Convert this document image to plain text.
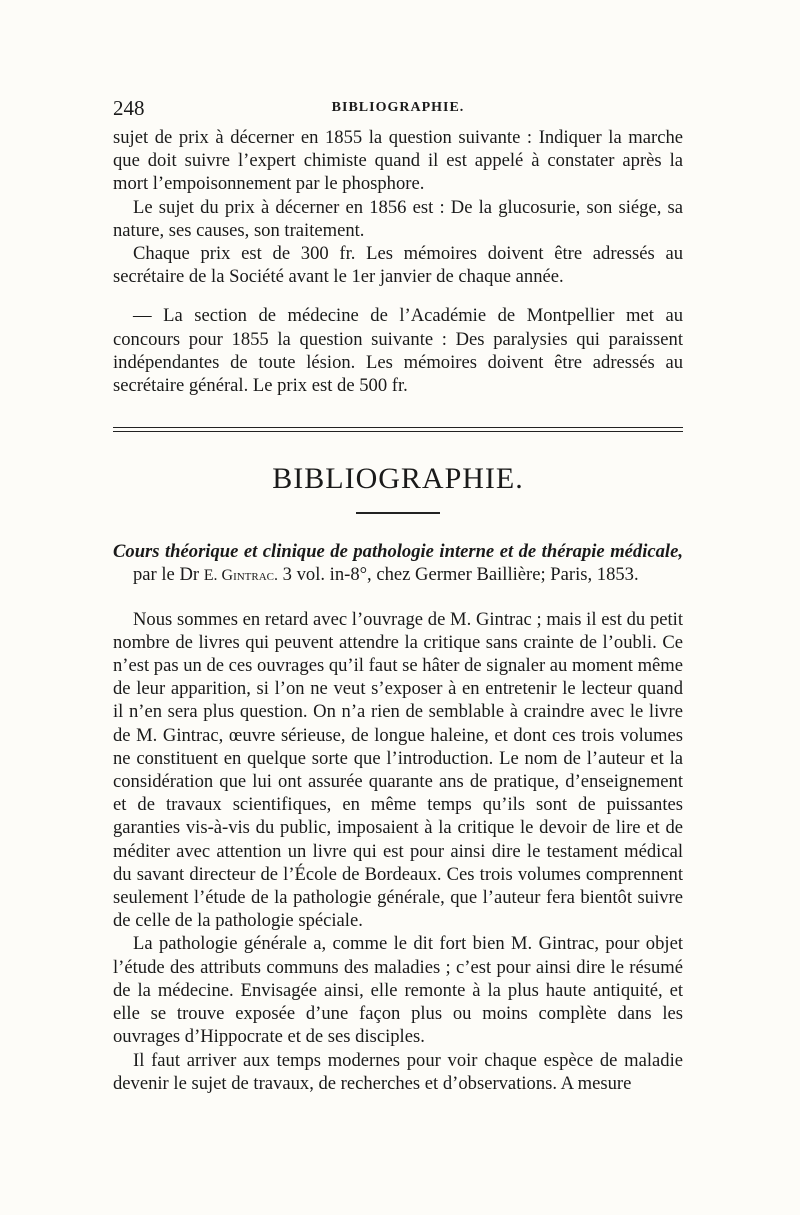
248	BIBLIOGRAPHIE.

sujet de prix à décerner en 1855 la question suivante : Indiquer la marche que doit suivre l’expert chimiste quand il est appelé à constater après la mort l’empoisonnement par le phosphore.

Le sujet du prix à décerner en 1856 est : De la glucosurie, son siége, sa nature, ses causes, son traitement.

Chaque prix est de 300 fr. Les mémoires doivent être adressés au secrétaire de la Société avant le 1er janvier de chaque année.

— La section de médecine de l’Académie de Montpellier met au concours pour 1855 la question suivante : Des paralysies qui paraissent indépendantes de toute lésion. Les mémoires doivent être adressés au secrétaire général. Le prix est de 500 fr.

BIBLIOGRAPHIE.
Cours théorique et clinique de pathologie interne et de thérapie médicale, par le Dr E. Gintrac. 3 vol. in-8°, chez Germer Baillière; Paris, 1853.

Nous sommes en retard avec l’ouvrage de M. Gintrac ; mais il est du petit nombre de livres qui peuvent attendre la critique sans crainte de l’oubli. Ce n’est pas un de ces ouvrages qu’il faut se hâter de signaler au moment même de leur apparition, si l’on ne veut s’exposer à en entretenir le lecteur quand il n’en sera plus question. On n’a rien de semblable à craindre avec le livre de M. Gintrac, œuvre sérieuse, de longue haleine, et dont ces trois volumes ne constituent en quelque sorte que l’introduction. Le nom de l’auteur et la considération que lui ont assurée quarante ans de pratique, d’enseignement et de travaux scientifiques, en même temps qu’ils sont de puissantes garanties vis-à-vis du public, imposaient à la critique le devoir de lire et de méditer avec attention un livre qui est pour ainsi dire le testament médical du savant directeur de l’École de Bordeaux. Ces trois volumes comprennent seulement l’étude de la pathologie générale, que l’auteur fera bientôt suivre de celle de la pathologie spéciale.

La pathologie générale a, comme le dit fort bien M. Gintrac, pour objet l’étude des attributs communs des maladies ; c’est pour ainsi dire le résumé de la médecine. Envisagée ainsi, elle remonte à la plus haute antiquité, et elle se trouve exposée d’une façon plus ou moins complète dans les ouvrages d’Hippocrate et de ses disciples.

Il faut arriver aux temps modernes pour voir chaque espèce de maladie devenir le sujet de travaux, de recherches et d’observations. A mesure
